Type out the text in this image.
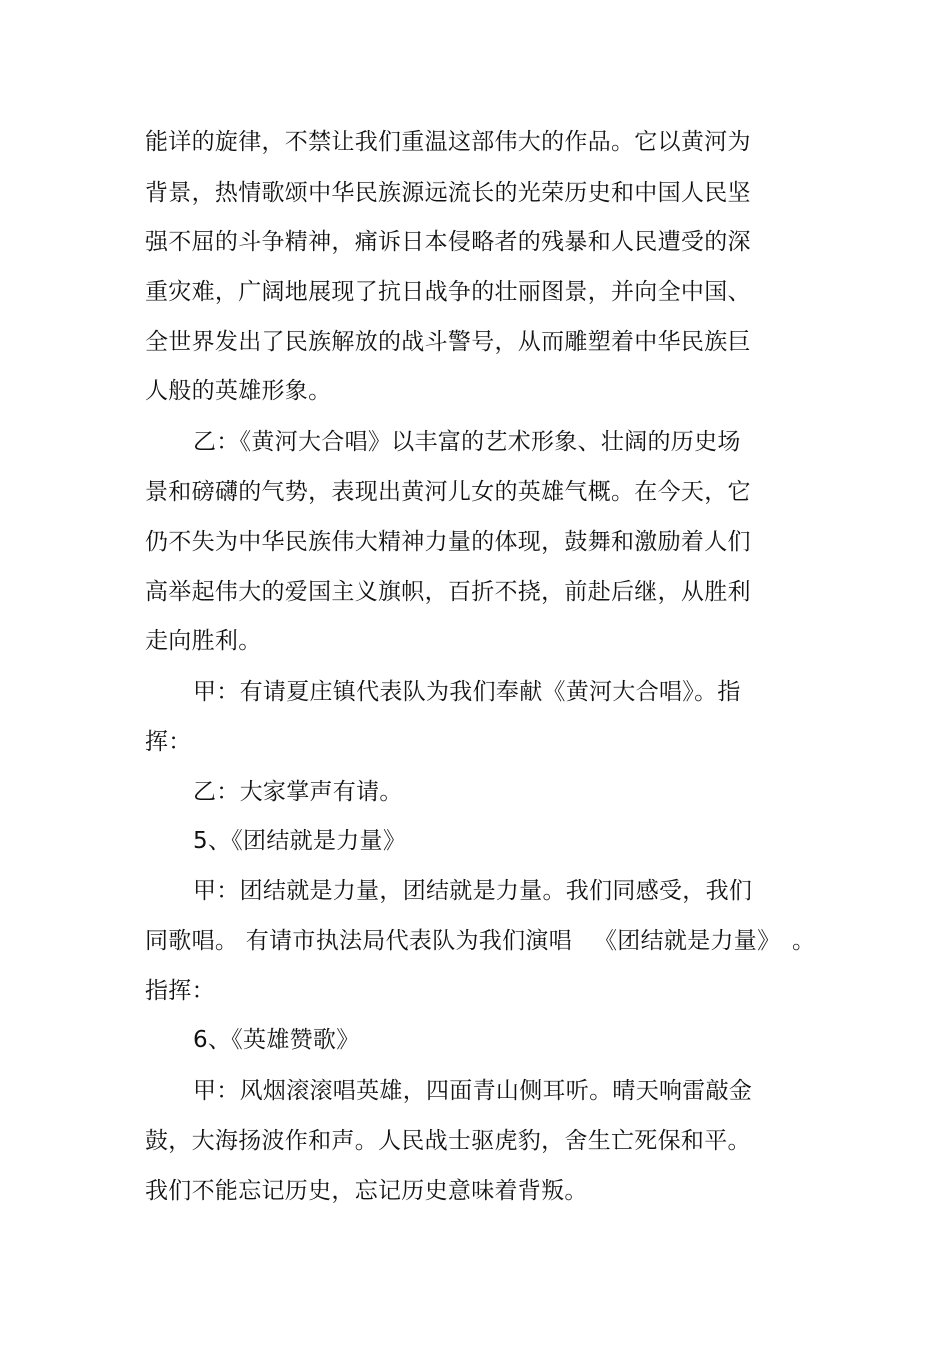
能详的旋律，不禁让我们重温这部伟大的作品。它以黄河为
背景，热情歌颂中华民族源远流长的光荣历史和中国人民坚
强不屈的斗争精神，痛诉日本侵略者的残暴和人民遭受的深
重灾难，广阔地展现了抗日战争的壮丽图景，并向全中国、
全世界发出了民族解放的战斗警号，从而雕塑着中华民族巨
人般的英雄形象。
乙：《黄河大合唱》以丰富的艺术形象、壮阔的历史场
景和磅礴的气势，表现出黄河儿女的英雄气概。在今天，它
仍不失为中华民族伟大精神力量的体现，鼓舞和激励着人们
高举起伟大的爱国主义旗帜，百折不挠，前赴后继，从胜利
走向胜利。
甲：有请夏庄镇代表队为我们奉献《黄河大合唱》。指
挥：
乙：大家掌声有请。
5、《团结就是力量》
甲：团结就是力量，团结就是力量。我们同感受，我们
同歌唱。 有请市执法局代表队为我们演唱 《团结就是力量》 。
指挥：
6、《英雄赞歌》
甲：风烟滚滚唱英雄，四面青山侧耳听。晴天响雷敲金
鼓，大海扬波作和声。人民战士驱虎豹，舍生亡死保和平。
我们不能忘记历史，忘记历史意味着背叛。
